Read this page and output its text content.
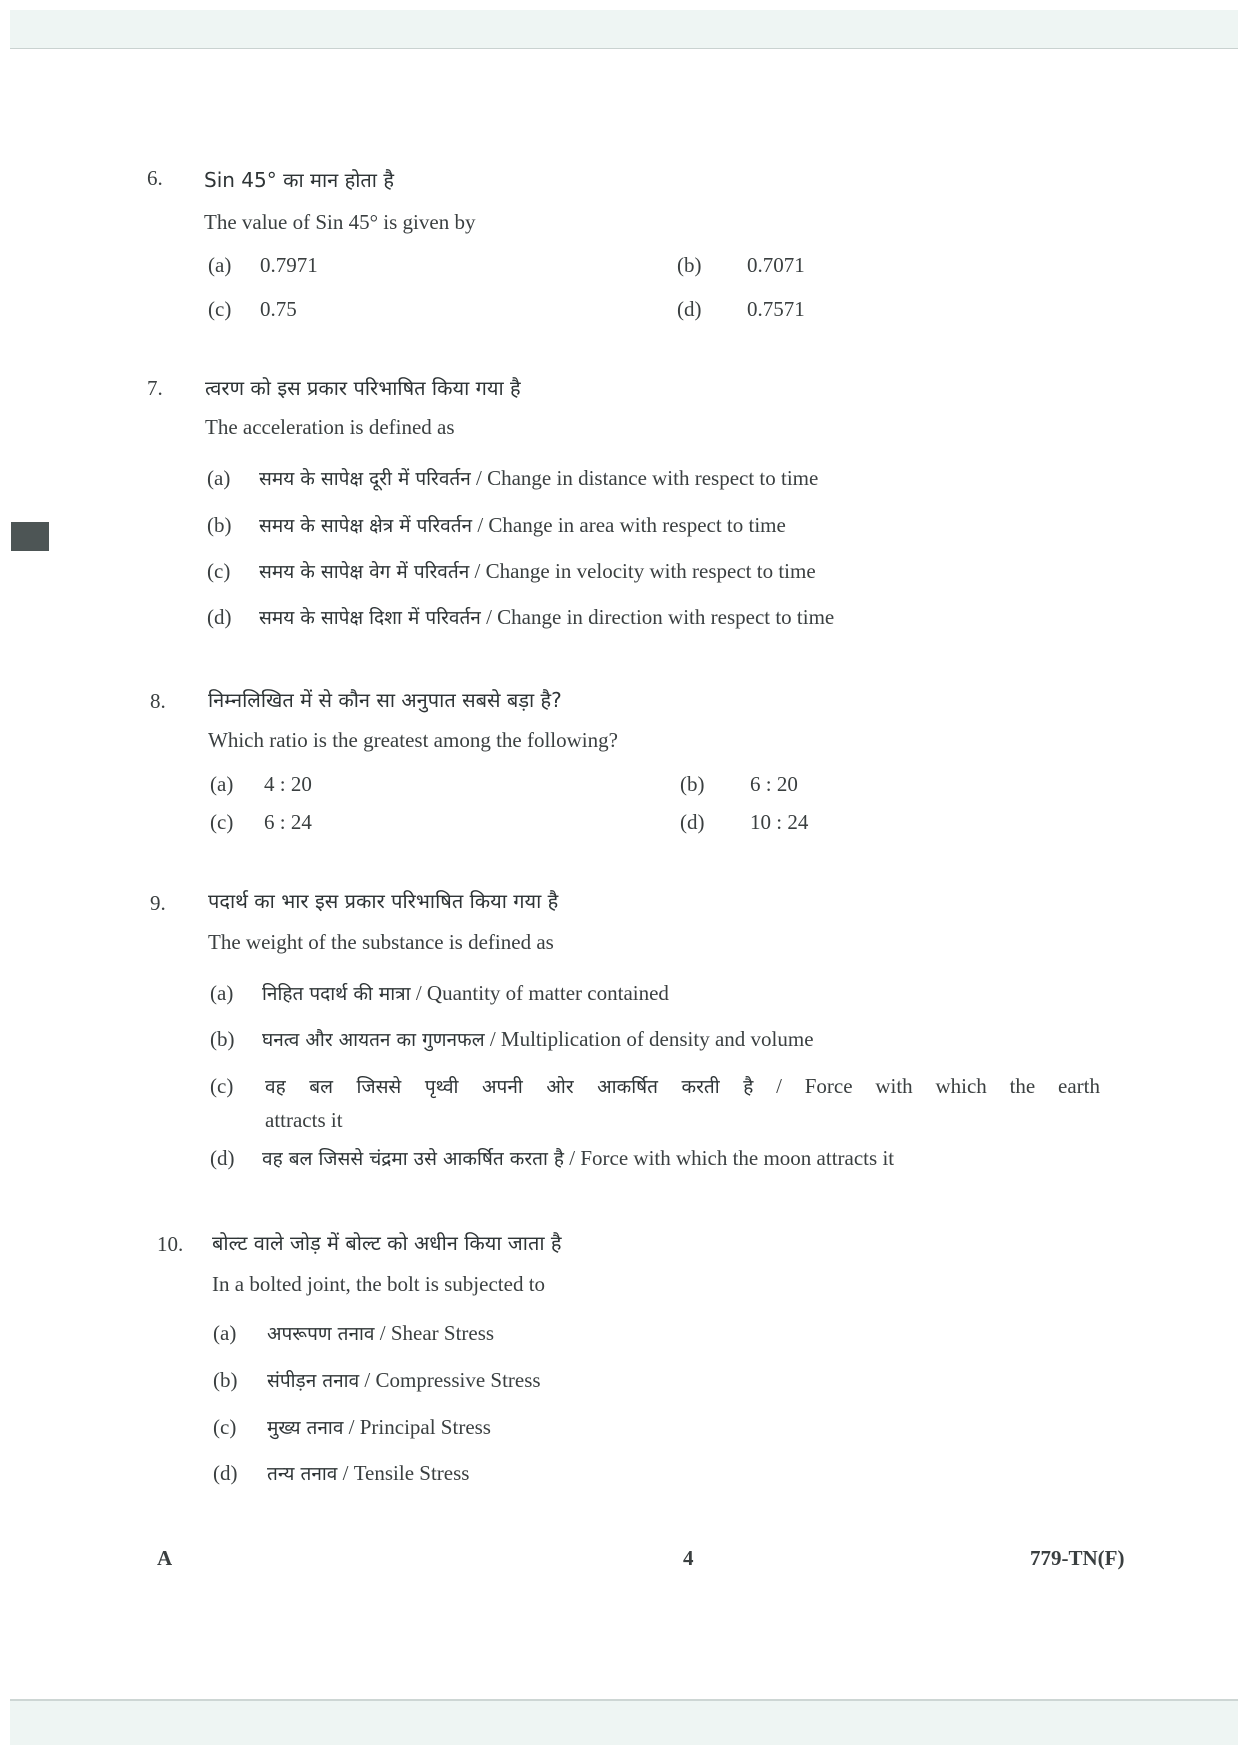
6. Sin 45° का मान होता है
The value of Sin 45° is given by
(a) 0.7971	(b) 0.7071
(c) 0.75	(d) 0.7571
7. त्वरण को इस प्रकार परिभाषित किया गया है
The acceleration is defined as
(a) समय के सापेक्ष दूरी में परिवर्तन / Change in distance with respect to time
(b) समय के सापेक्ष क्षेत्र में परिवर्तन / Change in area with respect to time
(c) समय के सापेक्ष वेग में परिवर्तन / Change in velocity with respect to time
(d) समय के सापेक्ष दिशा में परिवर्तन / Change in direction with respect to time
8. निम्नलिखित में से कौन सा अनुपात सबसे बड़ा है?
Which ratio is the greatest among the following?
(a) 4 : 20	(b) 6 : 20
(c) 6 : 24	(d) 10 : 24
9. पदार्थ का भार इस प्रकार परिभाषित किया गया है
The weight of the substance is defined as
(a) निहित पदार्थ की मात्रा / Quantity of matter contained
(b) घनत्व और आयतन का गुणनफल / Multiplication of density and volume
(c) वह बल जिससे पृथ्वी अपनी ओर आकर्षित करती है / Force with which the earth
attracts it
(d) वह बल जिससे चंद्रमा उसे आकर्षित करता है / Force with which the moon attracts it
10. बोल्ट वाले जोड़ में बोल्ट को अधीन किया जाता है
In a bolted joint, the bolt is subjected to
(a) अपरूपण तनाव / Shear Stress
(b) संपीड़न तनाव / Compressive Stress
(c) मुख्य तनाव / Principal Stress
(d) तन्य तनाव / Tensile Stress
A	4	779-TN(F)
